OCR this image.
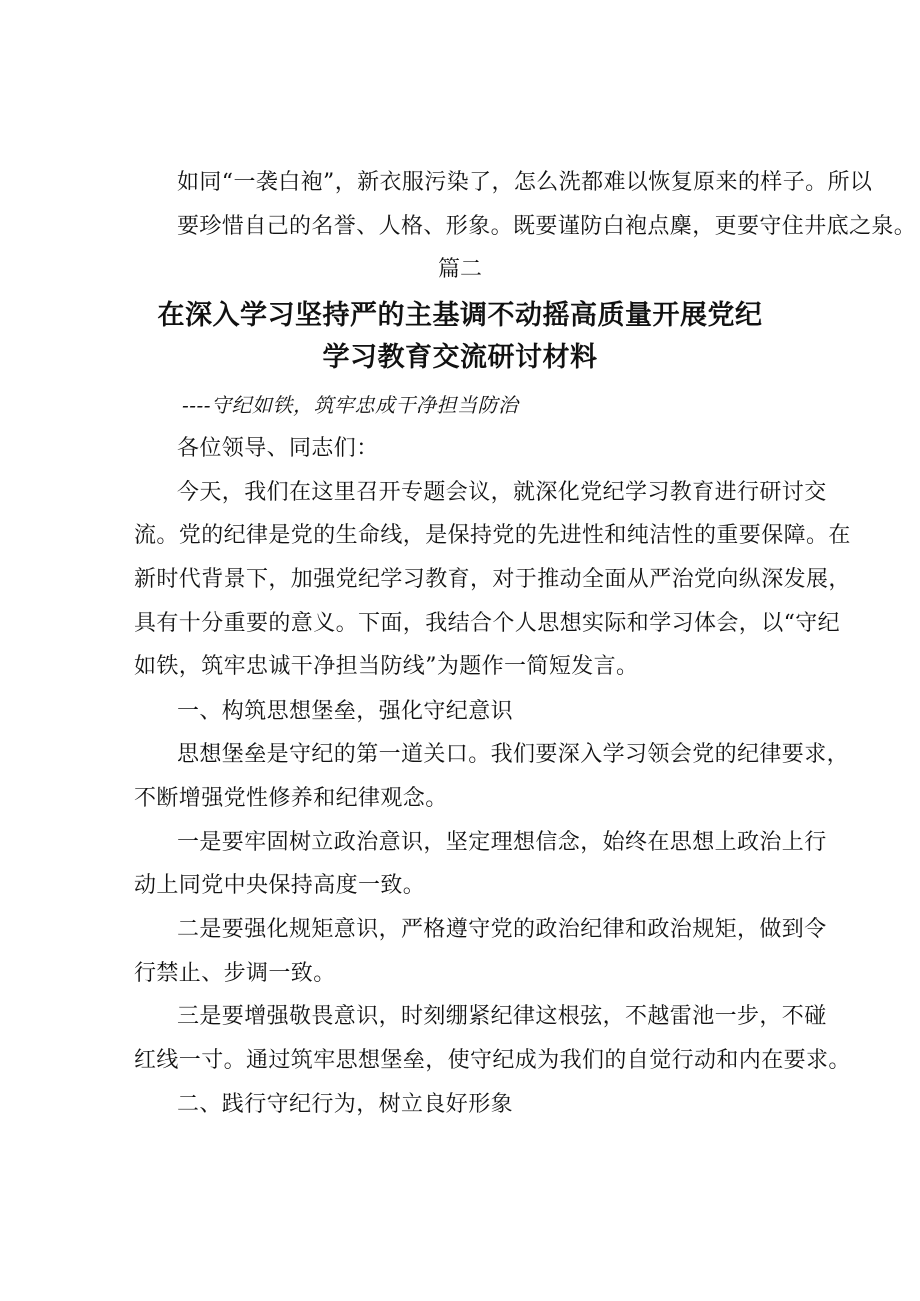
如同“一袭白袍”，新衣服污染了，怎么洗都难以恢复原来的样子。所以
要珍惜自己的名誉、人格、形象。既要谨防白袍点麇，更要守住井底之泉。
篇二
在深入学习坚持严的主基调不动摇高质量开展党纪
学习教育交流研讨材料
----守纪如铁，筑牢忠成干净担当防治
各位领导、同志们：
今天，我们在这里召开专题会议，就深化党纪学习教育进行研讨交
流。党的纪律是党的生命线，是保持党的先进性和纯洁性的重要保障。在
新时代背景下，加强党纪学习教育，对于推动全面从严治党向纵深发展，
具有十分重要的意义。下面，我结合个人思想实际和学习体会，以“守纪
如铁，筑牢忠诚干净担当防线”为题作一简短发言。
一、构筑思想堡垒，强化守纪意识
思想堡垒是守纪的第一道关口。我们要深入学习领会党的纪律要求，
不断增强党性修养和纪律观念。
一是要牢固树立政治意识，坚定理想信念，始终在思想上政治上行
动上同党中央保持高度一致。
二是要强化规矩意识，严格遵守党的政治纪律和政治规矩，做到令
行禁止、步调一致。
三是要增强敬畏意识，时刻绷紧纪律这根弦，不越雷池一步，不碰
红线一寸。通过筑牢思想堡垒，使守纪成为我们的自觉行动和内在要求。
二、践行守纪行为，树立良好形象
